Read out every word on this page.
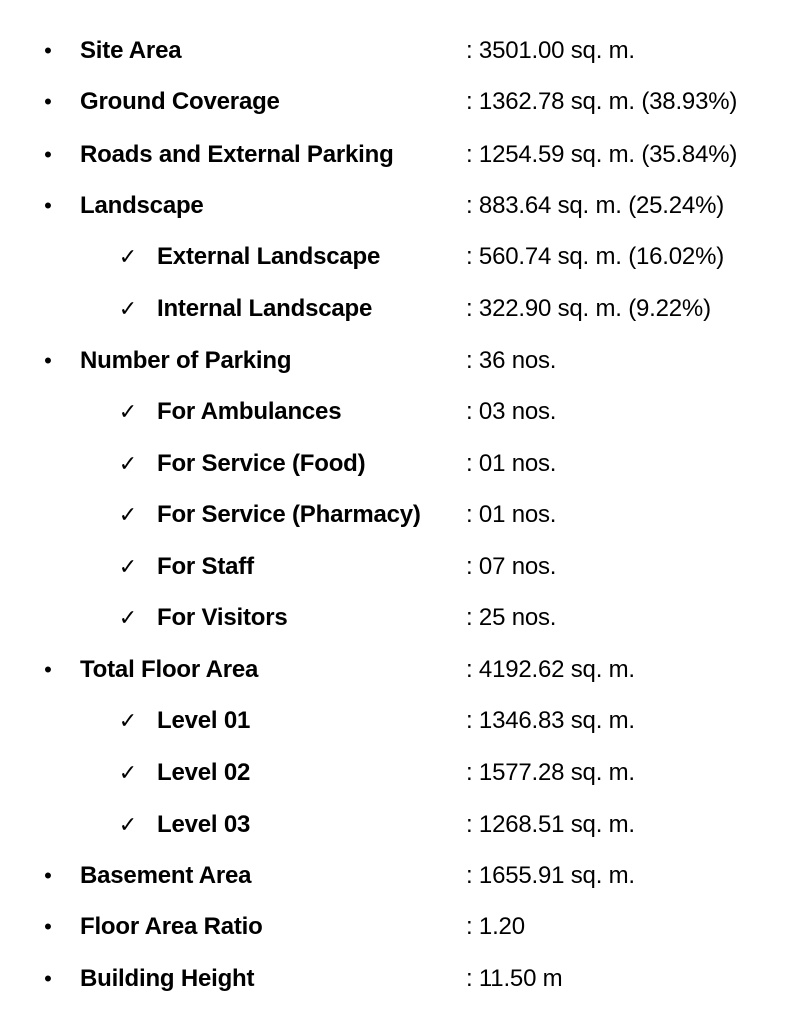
•	Site Area	: 3501.00 sq. m.
•	Ground Coverage	: 1362.78 sq. m. (38.93%)
•	Roads and External Parking	: 1254.59 sq. m. (35.84%)
•	Landscape	: 883.64 sq. m. (25.24%)
✓ External Landscape	: 560.74 sq. m. (16.02%)
✓ Internal Landscape	: 322.90 sq. m. (9.22%)
•	Number of Parking	: 36 nos.
✓ For Ambulances	: 03 nos.
✓ For Service (Food)	: 01 nos.
✓ For Service (Pharmacy) : 01 nos.
✓ For Staff	: 07 nos.
✓ For Visitors	: 25 nos.
•	Total Floor Area	: 4192.62 sq. m.
✓ Level 01	: 1346.83 sq. m.
✓ Level 02	: 1577.28 sq. m.
✓ Level 03	: 1268.51 sq. m.
•	Basement Area	: 1655.91 sq. m.
•	Floor Area Ratio	: 1.20
•	Building Height	: 11.50 m
